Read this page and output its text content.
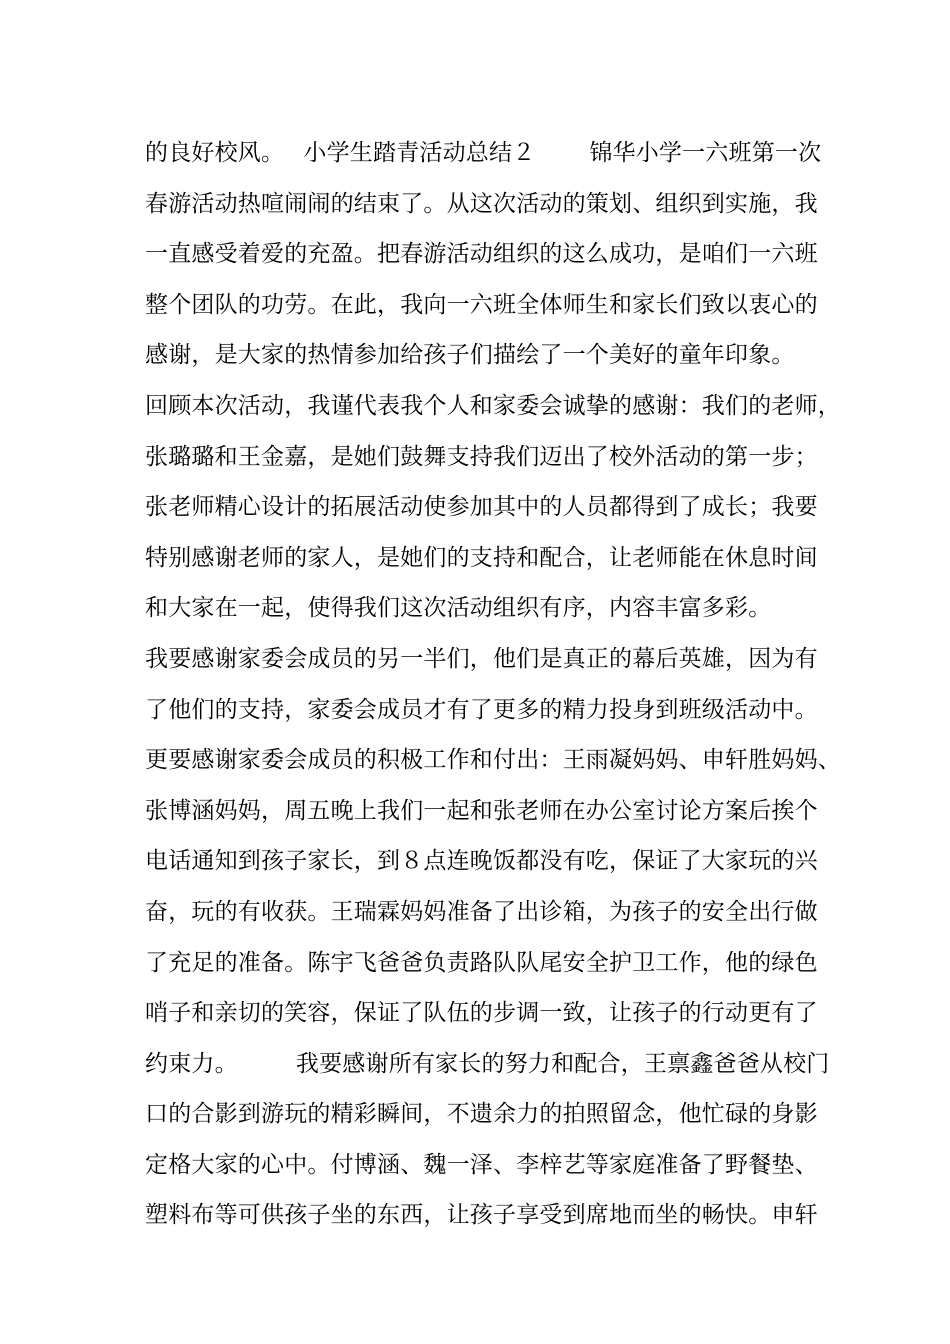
的良好校风。　 小学生踏青活动总结２　　 锦华小学一六班第一次
春游活动热喧闹闹的结束了。从这次活动的策划、组织到实施，我
一直感受着爱的充盈。把春游活动组织的这么成功，是咱们一六班
整个团队的功劳。在此，我向一六班全体师生和家长们致以衷心的
感谢，是大家的热情参加给孩子们描绘了一个美好的童年印象。
回顾本次活动，我谨代表我个人和家委会诚挚的感谢：我们的老师，
张璐璐和王金嘉，是她们鼓舞支持我们迈出了校外活动的第一步；
张老师精心设计的拓展活动使参加其中的人员都得到了成长；我要
特别感谢老师的家人，是她们的支持和配合，让老师能在休息时间
和大家在一起，使得我们这次活动组织有序，内容丰富多彩。
我要感谢家委会成员的另一半们，他们是真正的幕后英雄，因为有
了他们的支持，家委会成员才有了更多的精力投身到班级活动中。
更要感谢家委会成员的积极工作和付出：王雨凝妈妈、申轩胜妈妈、
张博涵妈妈，周五晚上我们一起和张老师在办公室讨论方案后挨个
电话通知到孩子家长，到８点连晚饭都没有吃，保证了大家玩的兴
奋，玩的有收获。王瑞霖妈妈准备了出诊箱，为孩子的安全出行做
了充足的准备。陈宇飞爸爸负责路队队尾安全护卫工作，他的绿色
哨子和亲切的笑容，保证了队伍的步调一致，让孩子的行动更有了
约束力。　　　我要感谢所有家长的努力和配合，王禀鑫爸爸从校门
口的合影到游玩的精彩瞬间，不遗余力的拍照留念，他忙碌的身影
定格大家的心中。付博涵、魏一泽、李梓艺等家庭准备了野餐垫、
塑料布等可供孩子坐的东西，让孩子享受到席地而坐的畅快。申轩
